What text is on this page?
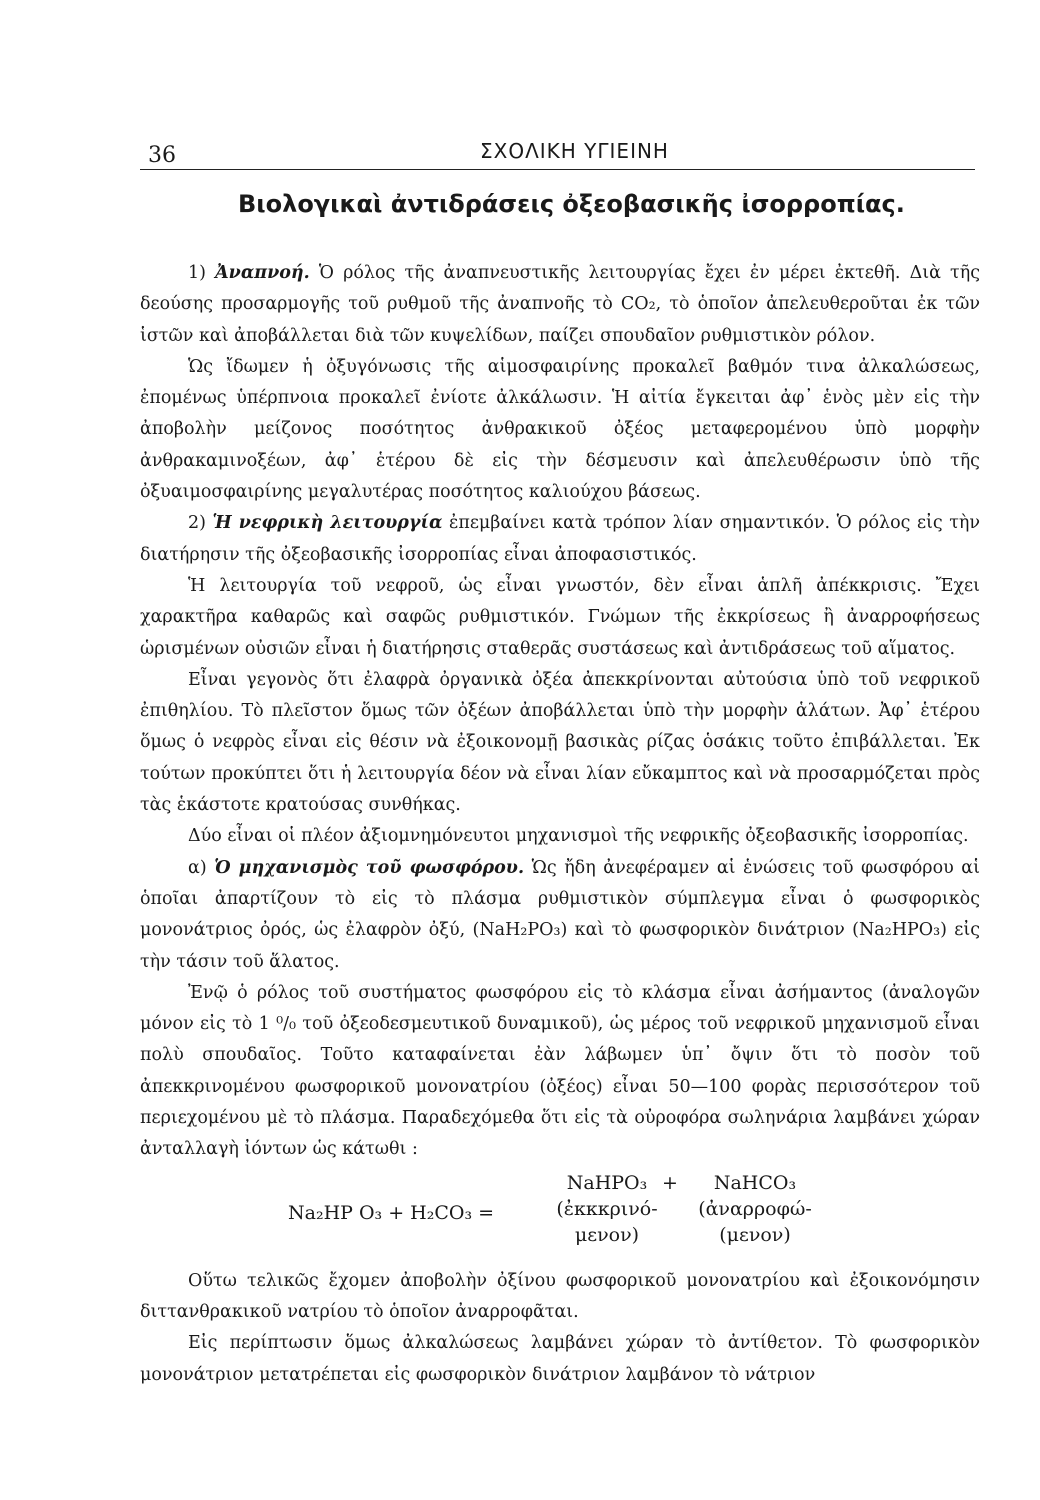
36	ΣΧΟΛΙΚΗ ΥΓΙΕΙΝΗ
Βιολογικαὶ ἀντιδράσεις ὀξεοβασικῆς ἰσορροπίας.

1) Ἀναπνοή. Ὁ ρόλος τῆς ἀναπνευστικῆς λειτουργίας ἔχει ἐν μέρει ἐκτεθῆ. Διὰ τῆς δεούσης προσαρμογῆς τοῦ ρυθμοῦ τῆς ἀναπνοῆς τὸ CO₂, τὸ ὁποῖον ἀπελευθεροῦται ἐκ τῶν ἱστῶν καὶ ἀποβάλλεται διὰ τῶν κυψελίδων, παίζει σπουδαῖον ρυθμιστικὸν ρόλον.

Ὡς ἴδωμεν ἡ ὀξυγόνωσις τῆς αἱμοσφαιρίνης προκαλεῖ βαθμόν τινα ἀλκαλώσεως, ἐπομένως ὑπέρπνοια προκαλεῖ ἐνίοτε ἀλκάλωσιν. Ἡ αἰτία ἔγκειται ἀφ᾽ ἑνὸς μὲν εἰς τὴν ἀποβολὴν μείζονος ποσότητος ἀνθρακικοῦ ὀξέος μεταφερομένου ὑπὸ μορφὴν ἀνθρακαμινοξέων, ἀφ᾽ ἑτέρου δὲ εἰς τὴν δέσμευσιν καὶ ἀπελευθέρωσιν ὑπὸ τῆς ὀξυαιμοσφαιρίνης μεγαλυτέρας ποσότητος καλιούχου βάσεως.

2) Ἡ νεφρικὴ λειτουργία ἐπεμβαίνει κατὰ τρόπον λίαν σημαντικόν. Ὁ ρόλος εἰς τὴν διατήρησιν τῆς ὀξεοβασικῆς ἰσορροπίας εἶναι ἀποφασιστικός.

Ἡ λειτουργία τοῦ νεφροῦ, ὡς εἶναι γνωστόν, δὲν εἶναι ἁπλῆ ἀπέκκρισις. Ἔχει χαρακτῆρα καθαρῶς καὶ σαφῶς ρυθμιστικόν. Γνώμων τῆς ἐκκρίσεως ἢ ἀναρροφήσεως ὡρισμένων οὐσιῶν εἶναι ἡ διατήρησις σταθερᾶς συστάσεως καὶ ἀντιδράσεως τοῦ αἵματος.

Εἶναι γεγονὸς ὅτι ἐλαφρὰ ὀργανικὰ ὀξέα ἀπεκκρίνονται αὐτούσια ὑπὸ τοῦ νεφρικοῦ ἐπιθηλίου. Τὸ πλεῖστον ὅμως τῶν ὀξέων ἀποβάλλεται ὑπὸ τὴν μορφὴν ἁλάτων. Ἀφ᾽ ἑτέρου ὅμως ὁ νεφρὸς εἶναι εἰς θέσιν νὰ ἐξοικονομῇ βασικὰς ρίζας ὁσάκις τοῦτο ἐπιβάλλεται. Ἐκ τούτων προκύπτει ὅτι ἡ λειτουργία δέον νὰ εἶναι λίαν εὔκαμπτος καὶ νὰ προσαρμόζεται πρὸς τὰς ἑκάστοτε κρατούσας συνθήκας.

Δύο εἶναι οἱ πλέον ἀξιομνημόνευτοι μηχανισμοὶ τῆς νεφρικῆς ὀξεοβασικῆς ἰσορροπίας.

α) Ὁ μηχανισμὸς τοῦ φωσφόρου. Ὡς ἤδη ἀνεφέραμεν αἱ ἑνώσεις τοῦ φωσφόρου αἱ ὁποῖαι ἀπαρτίζουν τὸ εἰς τὸ πλάσμα ρυθμιστικὸν σύμπλεγμα εἶναι ὁ φωσφορικὸς μονονάτριος ὀρός, ὡς ἐλαφρὸν ὀξύ, (NaH₂PO₃) καὶ τὸ φωσφορικὸν δινάτριον (Na₂HPO₃) εἰς τὴν τάσιν τοῦ ἅλατος.

Ἐνῷ ὁ ρόλος τοῦ συστήματος φωσφόρου εἰς τὸ κλάσμα εἶναι ἀσήμαντος (ἀναλογῶν μόνον εἰς τὸ 1 ⁰/₀ τοῦ ὀξεοδεσμευτικοῦ δυναμικοῦ), ὡς μέρος τοῦ νεφρικοῦ μηχανισμοῦ εἶναι πολὺ σπουδαῖος. Τοῦτο καταφαίνεται ἐὰν λάβωμεν ὑπ᾽ ὄψιν ὅτι τὸ ποσὸν τοῦ ἀπεκκρινομένου φωσφορικοῦ μονονατρίου (ὀξέος) εἶναι 50—100 φορὰς περισσότερον τοῦ περιεχομένου μὲ τὸ πλάσμα. Παραδεχόμεθα ὅτι εἰς τὰ οὐροφόρα σωληνάρια λαμβάνει χώραν ἀνταλλαγὴ ἰόντων ὡς κάτωθι :

Na₂HP O₃ + H₂CO₃ =
NaHPO₃
(ἐκκκρινό-
μενον)
+	NaHCO₃
(ἀναρροφώ-
(μενον)

Οὕτω τελικῶς ἔχομεν ἀποβολὴν ὀξίνου φωσφορικοῦ μονονατρίου καὶ ἐξοικονόμησιν διττανθρακικοῦ νατρίου τὸ ὁποῖον ἀναρροφᾶται.

Εἰς περίπτωσιν ὅμως ἀλκαλώσεως λαμβάνει χώραν τὸ ἀντίθετον. Τὸ φωσφορικὸν μονονάτριον μετατρέπεται εἰς φωσφορικὸν δινάτριον λαμβάνον τὸ νάτριον
